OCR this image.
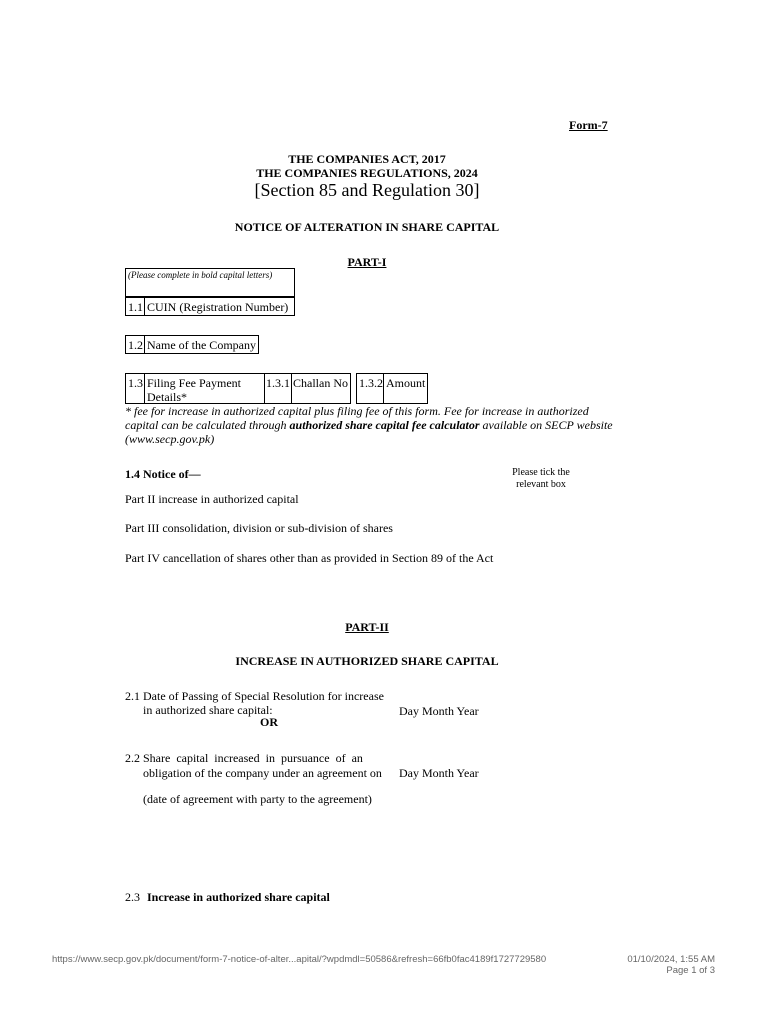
Form-7
THE COMPANIES ACT, 2017
THE COMPANIES REGULATIONS, 2024
[Section 85 and Regulation 30]
NOTICE OF ALTERATION IN SHARE CAPITAL
PART-I
(Please complete in bold capital letters)
1.1 CUIN (Registration Number)
1.2 Name of the Company
1.3 Filing Fee Payment Details*
1.3.1 Challan No 1.3.2 Amount
* fee for increase in authorized capital plus filing fee of this form. Fee for increase in authorized capital can be calculated through authorized share capital fee calculator available on SECP website (www.secp.gov.pk)
1.4 Notice of—	Please tick the relevant box
Part II increase in authorized capital
Part III consolidation, division or sub-division of shares
Part IV cancellation of shares other than as provided in Section 89 of the Act
PART-II
INCREASE IN AUTHORIZED SHARE CAPITAL
2.1 Date of Passing of Special Resolution for increase
in authorized share capital:	Day Month Year
OR
2.2 Share  capital  increased  in  pursuance  of  an
obligation of the company under an agreement on Day Month Year
(date of agreement with party to the agreement)
2.3 Increase in authorized share capital
https://www.secp.gov.pk/document/form-7-notice-of-alter...apital/?wpdmdl=50586&refresh=66fb0fac4189f1727729580	01/10/2024, 1:55 AM
Page 1 of 3
